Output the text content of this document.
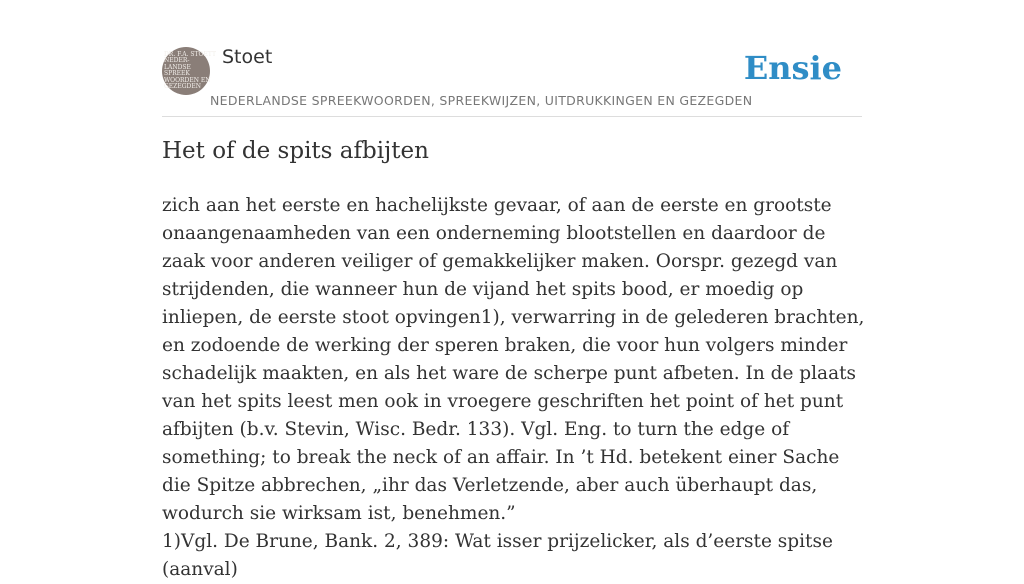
DR. F.A. STOETT
NEDER-
LANDSE
SPREEK
WOORDEN EN
GEZEGDEN
Stoet
NEDERLANDSE SPREEKWOORDEN, SPREEKWIJZEN, UITDRUKKINGEN EN GEZEGDEN
Ensie
Het of de spits afbijten

zich aan het eerste en hachelijkste gevaar, of aan de eerste en grootste onaangenaamheden van een onderneming blootstellen en daardoor de zaak voor anderen veiliger of gemakkelijker maken. Oorspr. gezegd van strijdenden, die wanneer hun de vijand het spits bood, er moedig op inliepen, de eerste stoot opvingen1), verwarring in de gelederen brachten, en zodoende de werking der speren braken, die voor hun volgers minder schadelijk maakten, en als het ware de scherpe punt afbeten. In de plaats van het spits leest men ook in vroegere geschriften het point of het punt afbijten (b.v. Stevin, Wisc. Bedr. 133). Vgl. Eng. to turn the edge of something; to break the neck of an affair. In ’t Hd. betekent einer Sache die Spitze abbrechen, „ihr das Verletzende, aber auch überhaupt das, wodurch sie wirksam ist, benehmen.”

1)Vgl. De Brune, Bank. 2, 389: Wat isser prijzelicker, als d’eerste spitse (aanval)
